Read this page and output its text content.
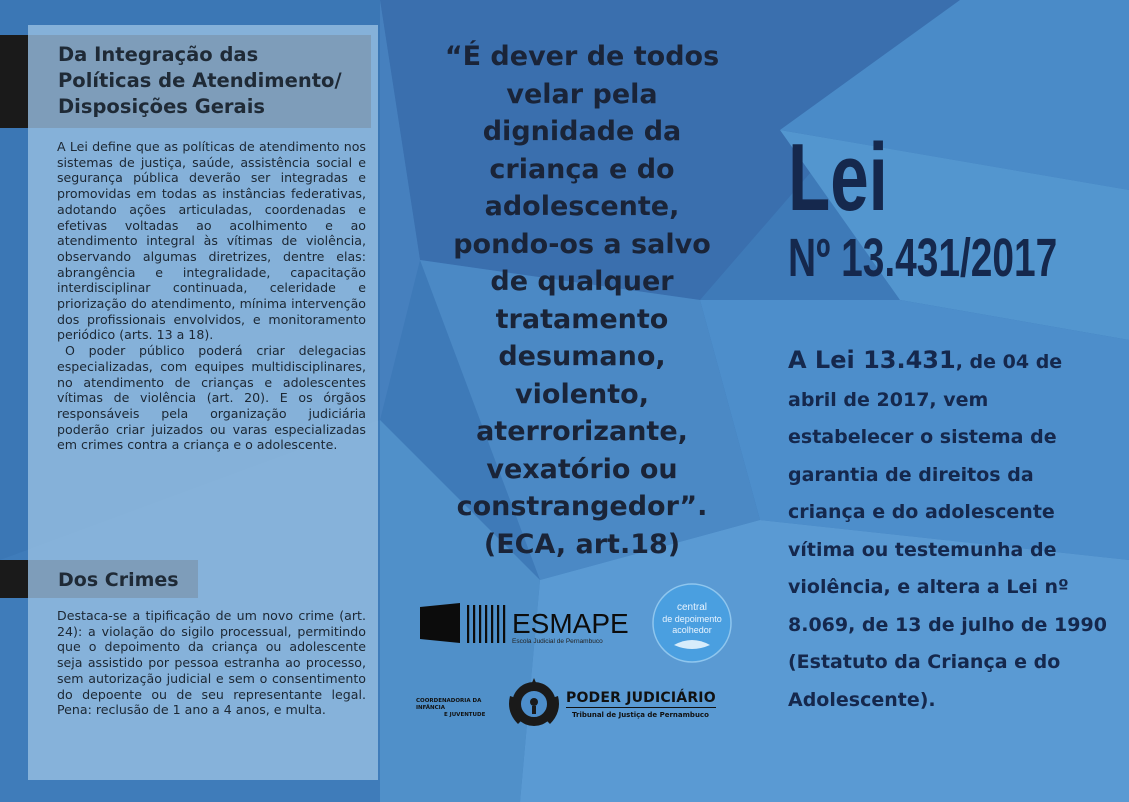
Da Integração das
Políticas de Atendimento/
Disposições Gerais

A Lei define que as políticas de atendimento nos sistemas de justiça, saúde, assistência social e segurança pública deverão ser integradas e promovidas em todas as instâncias federativas, adotando ações articuladas, coordenadas e efetivas voltadas ao acolhimento e ao atendimento integral às vítimas de violência, observando algumas diretrizes, dentre elas: abrangência e integralidade, capacitação interdisciplinar continuada, celeridade e priorização do atendimento, mínima intervenção dos profissionais envolvidos, e monitoramento periódico (arts. 13 a 18).

O poder público poderá criar delegacias especializadas, com equipes multidisciplinares, no atendimento de crianças e adolescentes vítimas de violência (art. 20). E os órgãos responsáveis pela organização judiciária poderão criar juizados ou varas especializadas em crimes contra a criança e o adolescente.

Dos Crimes

Destaca-se a tipificação de um novo crime (art. 24): a violação do sigilo processual, permitindo que o depoimento da criança ou adolescente seja assistido por pessoa estranha ao processo, sem autorização judicial e sem o consentimento do depoente ou de seu representante legal. Pena: reclusão de 1 ano a 4 anos, e multa.

“É dever de todos
velar pela
dignidade da
criança e do
adolescente,
pondo-os a salvo
de qualquer
tratamento
desumano,
violento,
aterrorizante,
vexatório ou
constrangedor”.
(ECA, art.18)
Lei
Nº 13.431/2017
A Lei 13.431, de 04 de
abril de 2017, vem
estabelecer o sistema de
garantia de direitos da
criança e do adolescente
vítima ou testemunha de
violência, e altera a Lei nº
8.069, de 13 de julho de 1990
(Estatuto da Criança e do
Adolescente).
ESMAPE
Escola Judicial de Pernambuco
central
de depoimento
acolhedor
COORDENADORIA DA INFÂNCIA
E JUVENTUDE
PODER JUDICIÁRIO
Tribunal de Justiça de Pernambuco
